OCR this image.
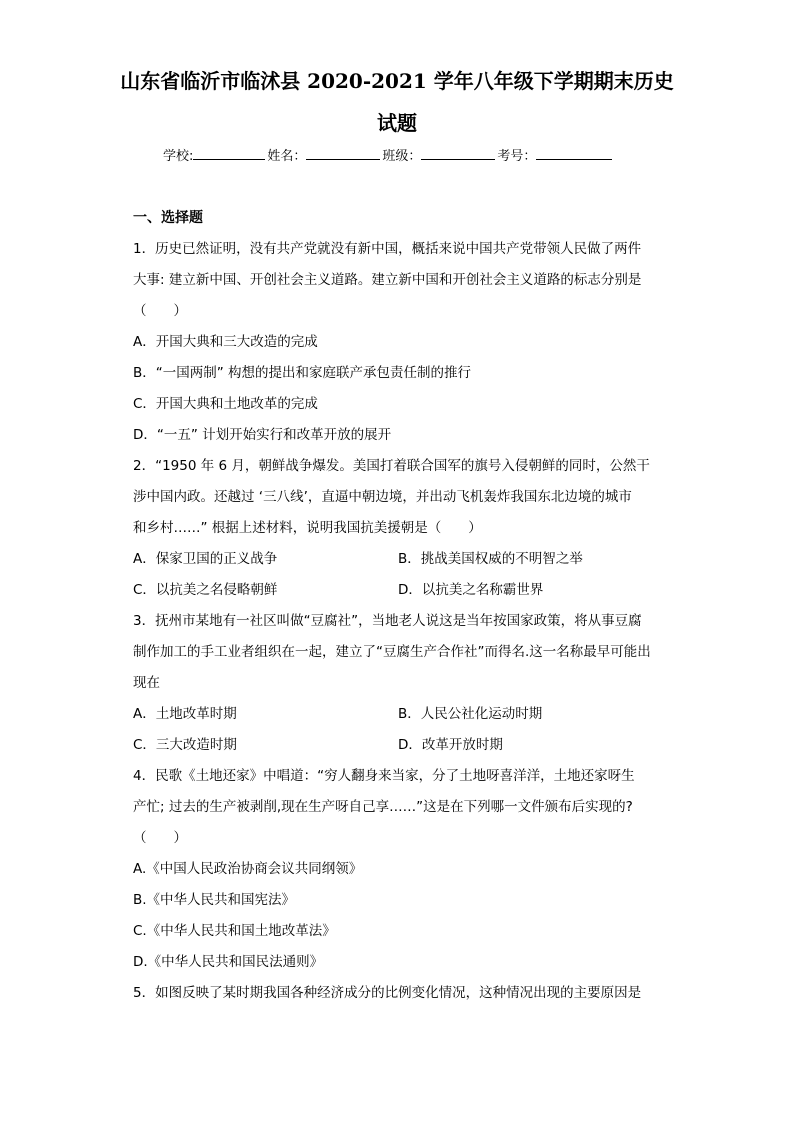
山东省临沂市临沭县 2020-2021 学年八年级下学期期末历史
试题
学校:	姓名：	班级：	考号：
一、选择题
1．历史已然证明，没有共产党就没有新中国，概括来说中国共产党带领人民做了两件
大事: 建立新中国、开创社会主义道路。建立新中国和开创社会主义道路的标志分别是
（　　）
A．开国大典和三大改造的完成
B．“一国两制” 构想的提出和家庭联产承包责任制的推行
C．开国大典和土地改革的完成
D．“一五” 计划开始实行和改革开放的展开
2．“1950 年 6 月，朝鲜战争爆发。美国打着联合国军的旗号入侵朝鲜的同时，公然干
涉中国内政。还越过 ‘三八线’，直逼中朝边境，并出动飞机轰炸我国东北边境的城市
和乡村……” 根据上述材料，说明我国抗美援朝是（　　）
A．保家卫国的正义战争	B．挑战美国权威的不明智之举
C．以抗美之名侵略朝鲜	D．以抗美之名称霸世界
3．抚州市某地有一社区叫做“豆腐社”，当地老人说这是当年按国家政策，将从事豆腐
制作加工的手工业者组织在一起，建立了“豆腐生产合作社”而得名.这一名称最早可能出
现在
A．土地改革时期	B．人民公社化运动时期
C．三大改造时期	D．改革开放时期
4．民歌《土地还家》中唱道：“穷人翻身来当家，分了土地呀喜洋洋，土地还家呀生
产忙; 过去的生产被剥削,现在生产呀自己享……”这是在下列哪一文件颁布后实现的?
（　　）
A.《中国人民政治协商会议共同纲领》
B.《中华人民共和国宪法》
C.《中华人民共和国土地改革法》
D.《中华人民共和国民法通则》
5．如图反映了某时期我国各种经济成分的比例变化情况，这种情况出现的主要原因是
